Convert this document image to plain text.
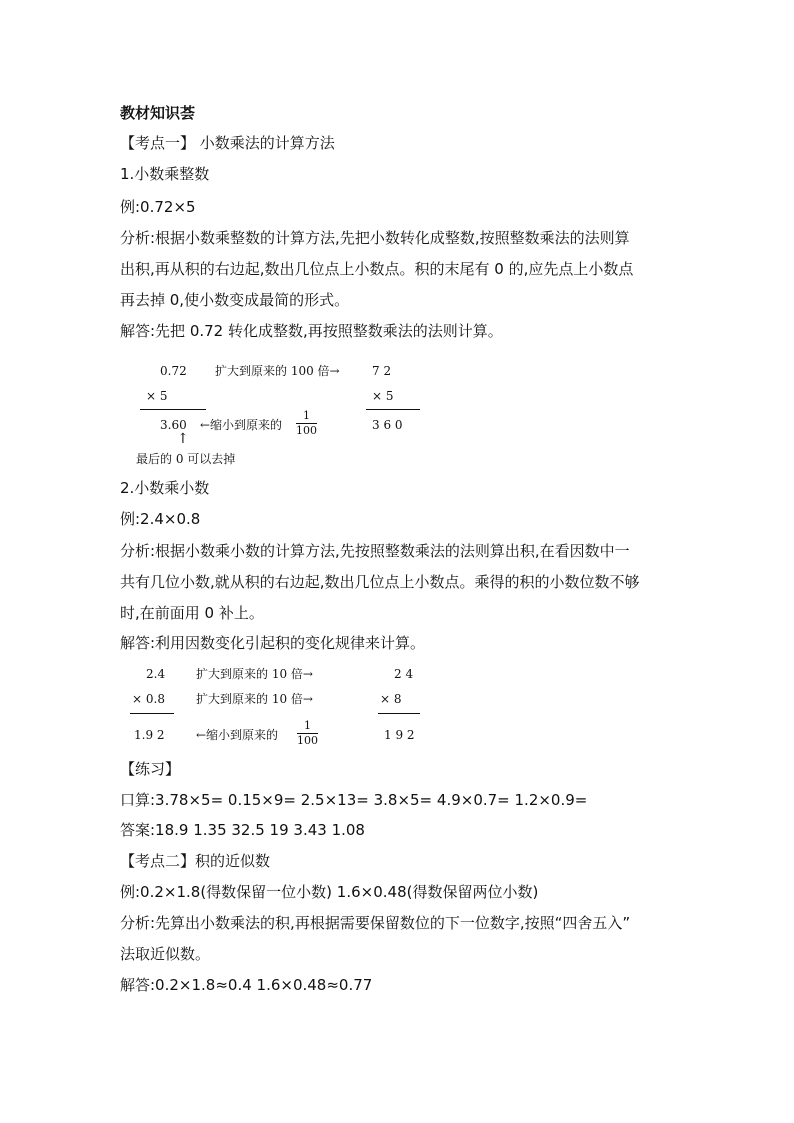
教材知识荟
【考点一】 小数乘法的计算方法
1.小数乘整数
例:0.72×5
分析:根据小数乘整数的计算方法,先把小数转化成整数,按照整数乘法的法则算
出积,再从积的右边起,数出几位点上小数点。积的末尾有 0 的,应先点上小数点
再去掉 0,使小数变成最简的形式。
解答:先把 0.72 转化成整数,再按照整数乘法的法则计算。
0.72 扩大到原来的 100 倍→
× 5
3.60
↑
←缩小到原来的
1
100
最后的 0 可以去掉
7 2
× 5
3 6 0
2.小数乘小数
例:2.4×0.8
分析:根据小数乘小数的计算方法,先按照整数乘法的法则算出积,在看因数中一
共有几位小数,就从积的右边起,数出几位点上小数点。乘得的积的小数位数不够
时,在前面用 0 补上。
解答:利用因数变化引起积的变化规律来计算。
2.4	扩大到原来的 10 倍→
× 0.8	扩大到原来的 10 倍→
1.9 2	←缩小到原来的
1
100
2 4
× 8
1 9 2
【练习】
口算:3.78×5= 0.15×9= 2.5×13= 3.8×5= 4.9×0.7= 1.2×0.9=
答案:18.9 1.35 32.5 19 3.43 1.08
【考点二】积的近似数
例:0.2×1.8(得数保留一位小数) 1.6×0.48(得数保留两位小数)
分析:先算出小数乘法的积,再根据需要保留数位的下一位数字,按照“四舍五入”
法取近似数。
解答:0.2×1.8≈0.4 1.6×0.48≈0.77
